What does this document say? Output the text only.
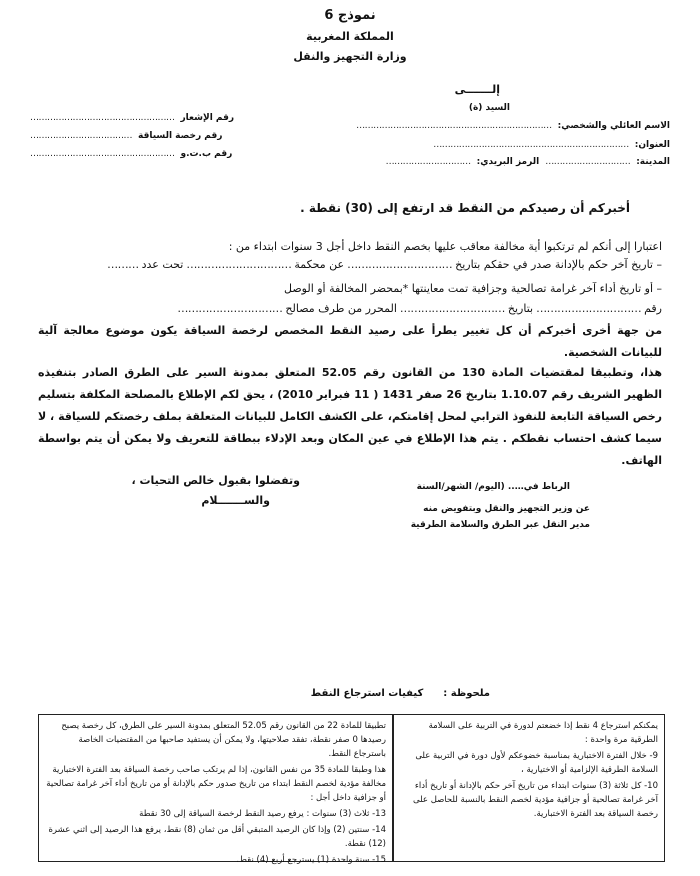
نموذج 6
المملكة المغربية
وزارة التجهيز والنقل
إلـــــــى
السيد (ة)
الاسم العائلي والشخصي:
……………………………………………………………
العنوان:
……………………………………………………………
المدينة:
…………………………
الرمز البريدي:
…………………………
رقم الإشعار
……………………………………………
رقم رخصة السياقة
………………………………
رقم ب.ت.و
……………………………………………
أخبركم أن رصيدكم من النقط قد ارتفع إلى (30) نقطة .
اعتبارا إلى أنكم لم ترتكبوا أية مخالفة معاقب عليها بخصم النقط داخل أجل 3 سنوات ابتداء من :
– تاريخ آخر حكم بالإدانة صدر في حقكم بتاريخ
…………………………
عن محكمة
…………………………
تحت عدد
………
– أو تاريخ أداء آخر غرامة تصالحية وجزافية تمت معاينتها *بمحضر المخالفة أو الوصل
رقم
…………………………
بتاريخ
…………………………
المحرر من طرف مصالح
…………………………
من جهة أخرى أخبركم أن كل تغيير يطرأ على رصيد النقط المخصص لرخصة السياقة يكون موضوع معالجة آلية للبيانات الشخصية.
هذا، وتطبيقا لمقتضيات المادة 130 من القانون رقم 52.05 المتعلق بمدونة السير على الطرق الصادر بتنفيذه الظهير الشريف رقم 1.10.07 بتاريخ 26 صفر 1431 ( 11 فبراير 2010) ، يحق لكم الإطلاع بالمصلحة المكلفة بتسليم رخص السياقة التابعة للنفوذ الترابي لمحل إقامتكم، على الكشف الكامل للبيانات المتعلقة بملف رخصتكم للسياقة ، لا سيما كشف احتساب نقطكم . يتم هذا الإطلاع في عين المكان وبعد الإدلاء ببطاقة للتعريف ولا يمكن أن يتم بواسطة الهاتف.
وتفضلوا بقبول خالص التحيات ،
والســـــــلام
الرباط في….. (اليوم/ الشهر/السنة
عن وزير التجهيز والنقل وبتفويض منه
مدير النقل عبر الطرق والسلامة الطرقية
ملحوظة :
كيفيات استرجاع النقط

يمكنكم استرجاع 4 نقط إذا خضعتم لدورة في التربية على السلامة الطرقية مرة واحدة :

9- خلال الفترة الاختبارية بمناسبة خضوعكم لأول دورة في التربية على السلامة الطرقية الإلزامية أو الاختيارية ،

10- كل ثلاثة (3) سنوات ابتداء من تاريخ آخر حكم بالإدانة أو تاريخ أداء آخر غرامة تصالحية أو جزافية مؤدية لخصم النقط بالنسبة للحاصل على رخصة السياقة بعد الفترة الاختبارية.

تطبيقا للمادة 22 من القانون رقم 52.05 المتعلق بمدونة السير على الطرق، كل رخصة يصبح رصيدها 0 صفر نقطة، تفقد صلاحيتها، ولا يمكن أن يستفيد صاحبها من المقتضيات الخاصة باسترجاع النقط.

هذا وطبقا للمادة 35 من نفس القانون، إذا لم يرتكب صاحب رخصة السياقة بعد الفترة الاختبارية مخالفة مؤدية لخصم النقط ابتداء من تاريخ صدور حكم بالإدانة أو من تاريخ أداء آخر غرامة تصالحية أو جزافية داخل أجل :

13- ثلاث (3) سنوات : يرفع رصيد النقط لرخصة السياقة إلى 30 نقطة

14- سنتين (2) وإذا كان الرصيد المتبقي أقل من ثمان (8) نقط، يرفع هذا الرصيد إلى اثني عشرة (12) نقطة.

15- سنة واحدة (1) يسترجع أربع (4) نقط.
